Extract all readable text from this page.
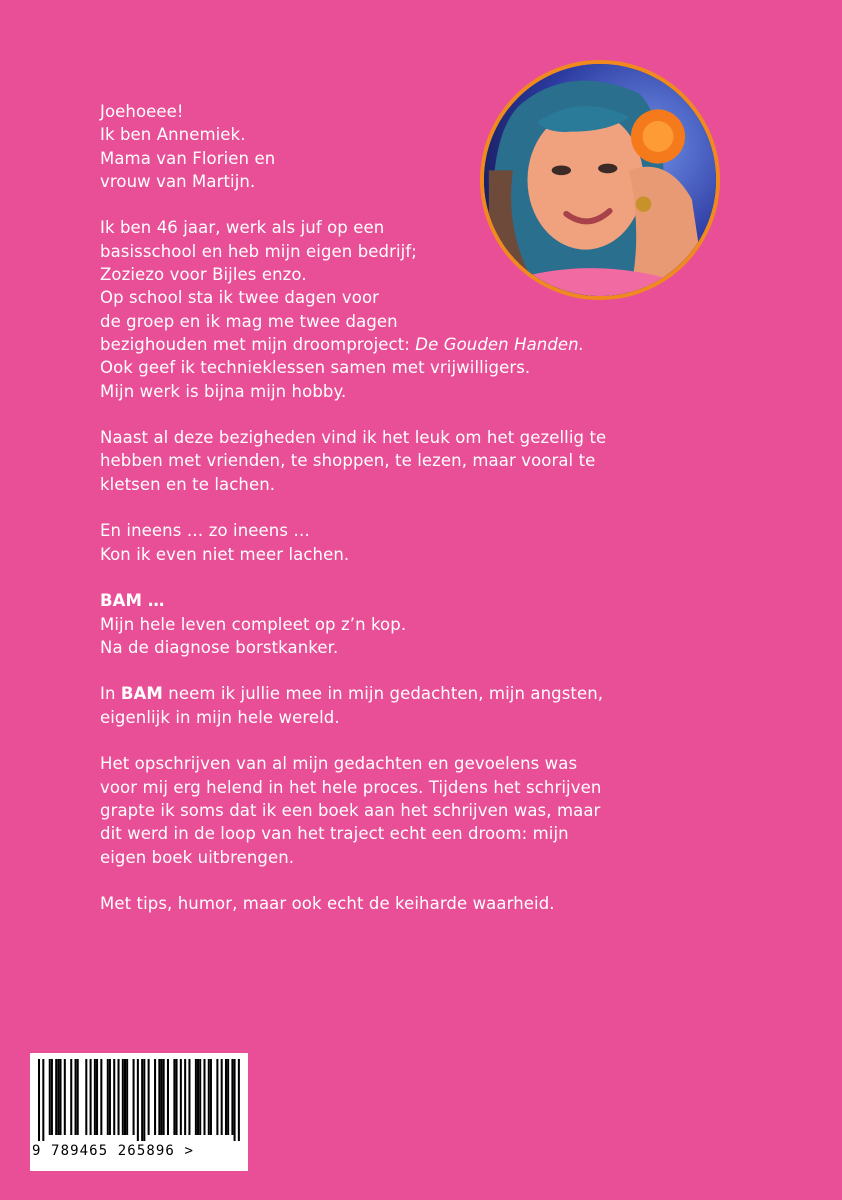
Joehoeee!
Ik ben Annemiek.
Mama van Florien en
vrouw van Martijn.

Ik ben 46 jaar, werk als juf op een
basisschool en heb mijn eigen bedrijf;
Zoziezo voor Bijles enzo.
Op school sta ik twee dagen voor
de groep en ik mag me twee dagen
bezighouden met mijn droomproject: De Gouden Handen.
Ook geef ik technieklessen samen met vrijwilligers.
Mijn werk is bijna mijn hobby.

Naast al deze bezigheden vind ik het leuk om het gezellig te
hebben met vrienden, te shoppen, te lezen, maar vooral te
kletsen en te lachen.

En ineens … zo ineens …
Kon ik even niet meer lachen.

BAM …
Mijn hele leven compleet op z’n kop.
Na de diagnose borstkanker.

In BAM neem ik jullie mee in mijn gedachten, mijn angsten,
eigenlijk in mijn hele wereld.

Het opschrijven van al mijn gedachten en gevoelens was
voor mij erg helend in het hele proces. Tijdens het schrijven
grapte ik soms dat ik een boek aan het schrijven was, maar
dit werd in de loop van het traject echt een droom: mijn
eigen boek uitbrengen.

Met tips, humor, maar ook echt de keiharde waarheid.

9 789465 265896 >
